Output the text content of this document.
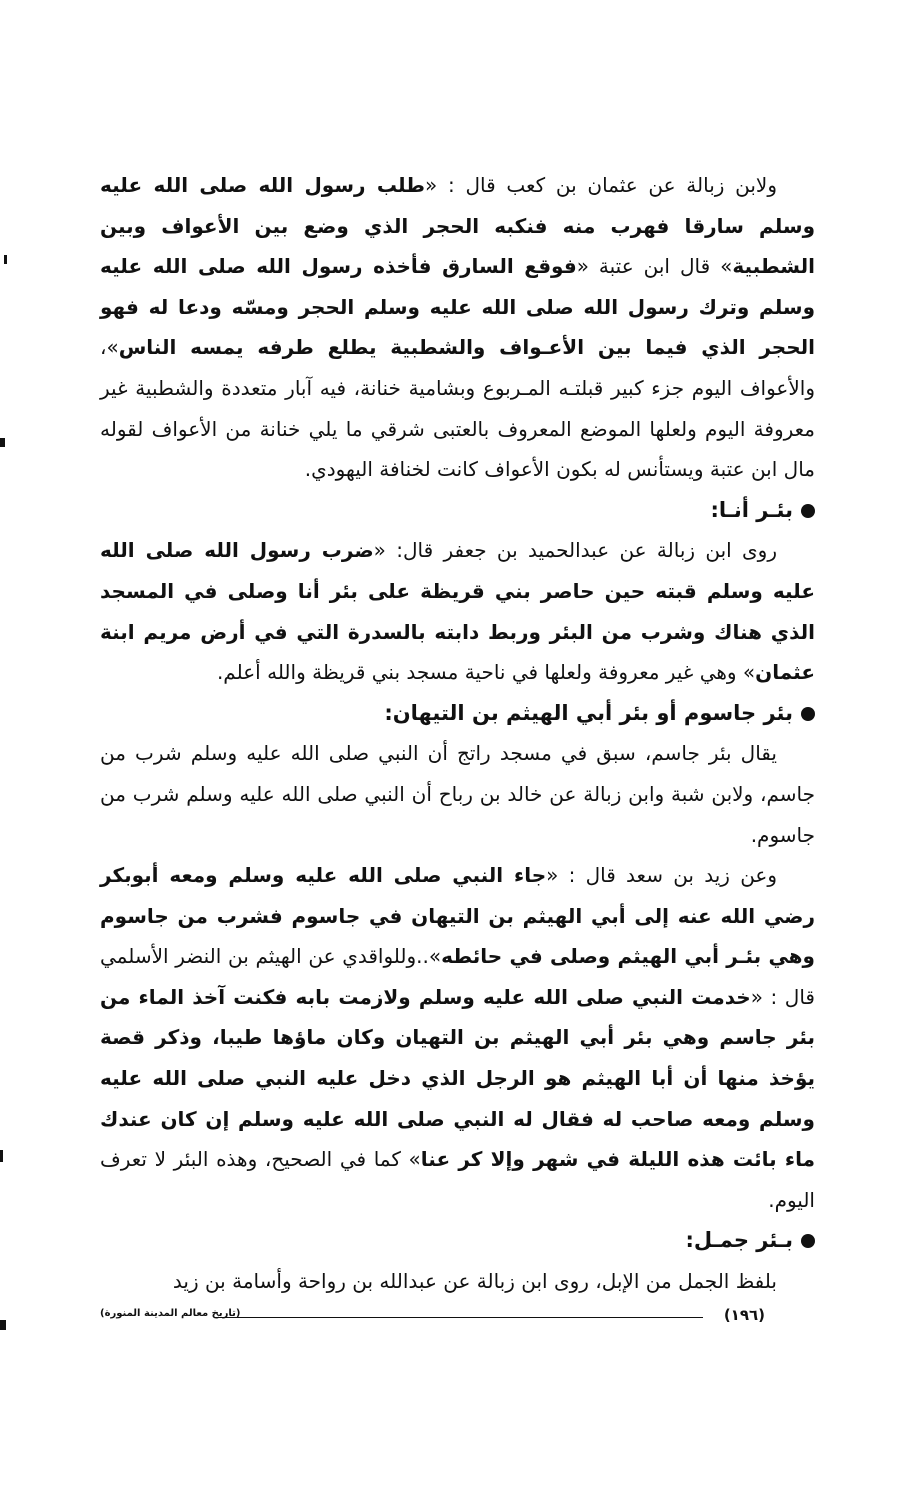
ولابن زبالة عن عثمان بن كعب قال : «طلب رسول الله صلى الله عليه وسلم سارقا فهرب منه فنكبه الحجر الذي وضع بين الأعواف وبين الشطبية» قال ابن عتبة «فوقع السارق فأخذه رسول الله صلى الله عليه وسلم وترك رسول الله صلى الله عليه وسلم الحجر ومسّه ودعا له فهو الحجر الذي فيما بين الأعـواف والشطبية يطلع طرفه يمسه الناس»، والأعواف اليوم جزء كبير قبلتـه المـربوع وبشامية خنانة، فيه آبار متعددة والشطبية غير معروفة اليوم ولعلها الموضع المعروف بالعتبى شرقي ما يلي خنانة من الأعواف لقوله مال ابن عتبة ويستأنس له بكون الأعواف كانت لخنافة اليهودي.

بئـر أنـا:

روى ابن زبالة عن عبدالحميد بن جعفر قال: «ضرب رسول الله صلى الله عليه وسلم قبته حين حاصر بني قريظة على بئر أنا وصلى في المسجد الذي هناك وشرب من البئر وربط دابته بالسدرة التي في أرض مريم ابنة عثمان» وهي غير معروفة ولعلها في ناحية مسجد بني قريظة والله أعلم.

بئر جاسوم أو بئر أبي الهيثم بن التيهان:

يقال بئر جاسم، سبق في مسجد راتج أن النبي صلى الله عليه وسلم شرب من جاسم، ولابن شبة وابن زبالة عن خالد بن رباح أن النبي صلى الله عليه وسلم شرب من جاسوم.

وعن زيد بن سعد قال : «جاء النبي صلى الله عليه وسلم ومعه أبوبكر رضي الله عنه إلى أبي الهيثم بن التيهان في جاسوم فشرب من جاسوم وهي بئـر أبي الهيثم وصلى في حائطه»..وللواقدي عن الهيثم بن النضر الأسلمي قال : «خدمت النبي صلى الله عليه وسلم ولازمت بابه فكنت آخذ الماء من بئر جاسم وهي بئر أبي الهيثم بن التهيان وكان ماؤها طيبا، وذكر قصة يؤخذ منها أن أبا الهيثم هو الرجل الذي دخل عليه النبي صلى الله عليه وسلم ومعه صاحب له فقال له النبي صلى الله عليه وسلم إن كان عندك ماء بائت هذه الليلة في شهر وإلا كر عنا» كما في الصحيح، وهذه البئر لا تعرف اليوم.

بـئر جمـل:

بلفظ الجمل من الإبل، روى ابن زبالة عن عبدالله بن رواحة وأسامة بن زيد

(١٩٦)
(تاريخ معالم المدينة المنورة)
